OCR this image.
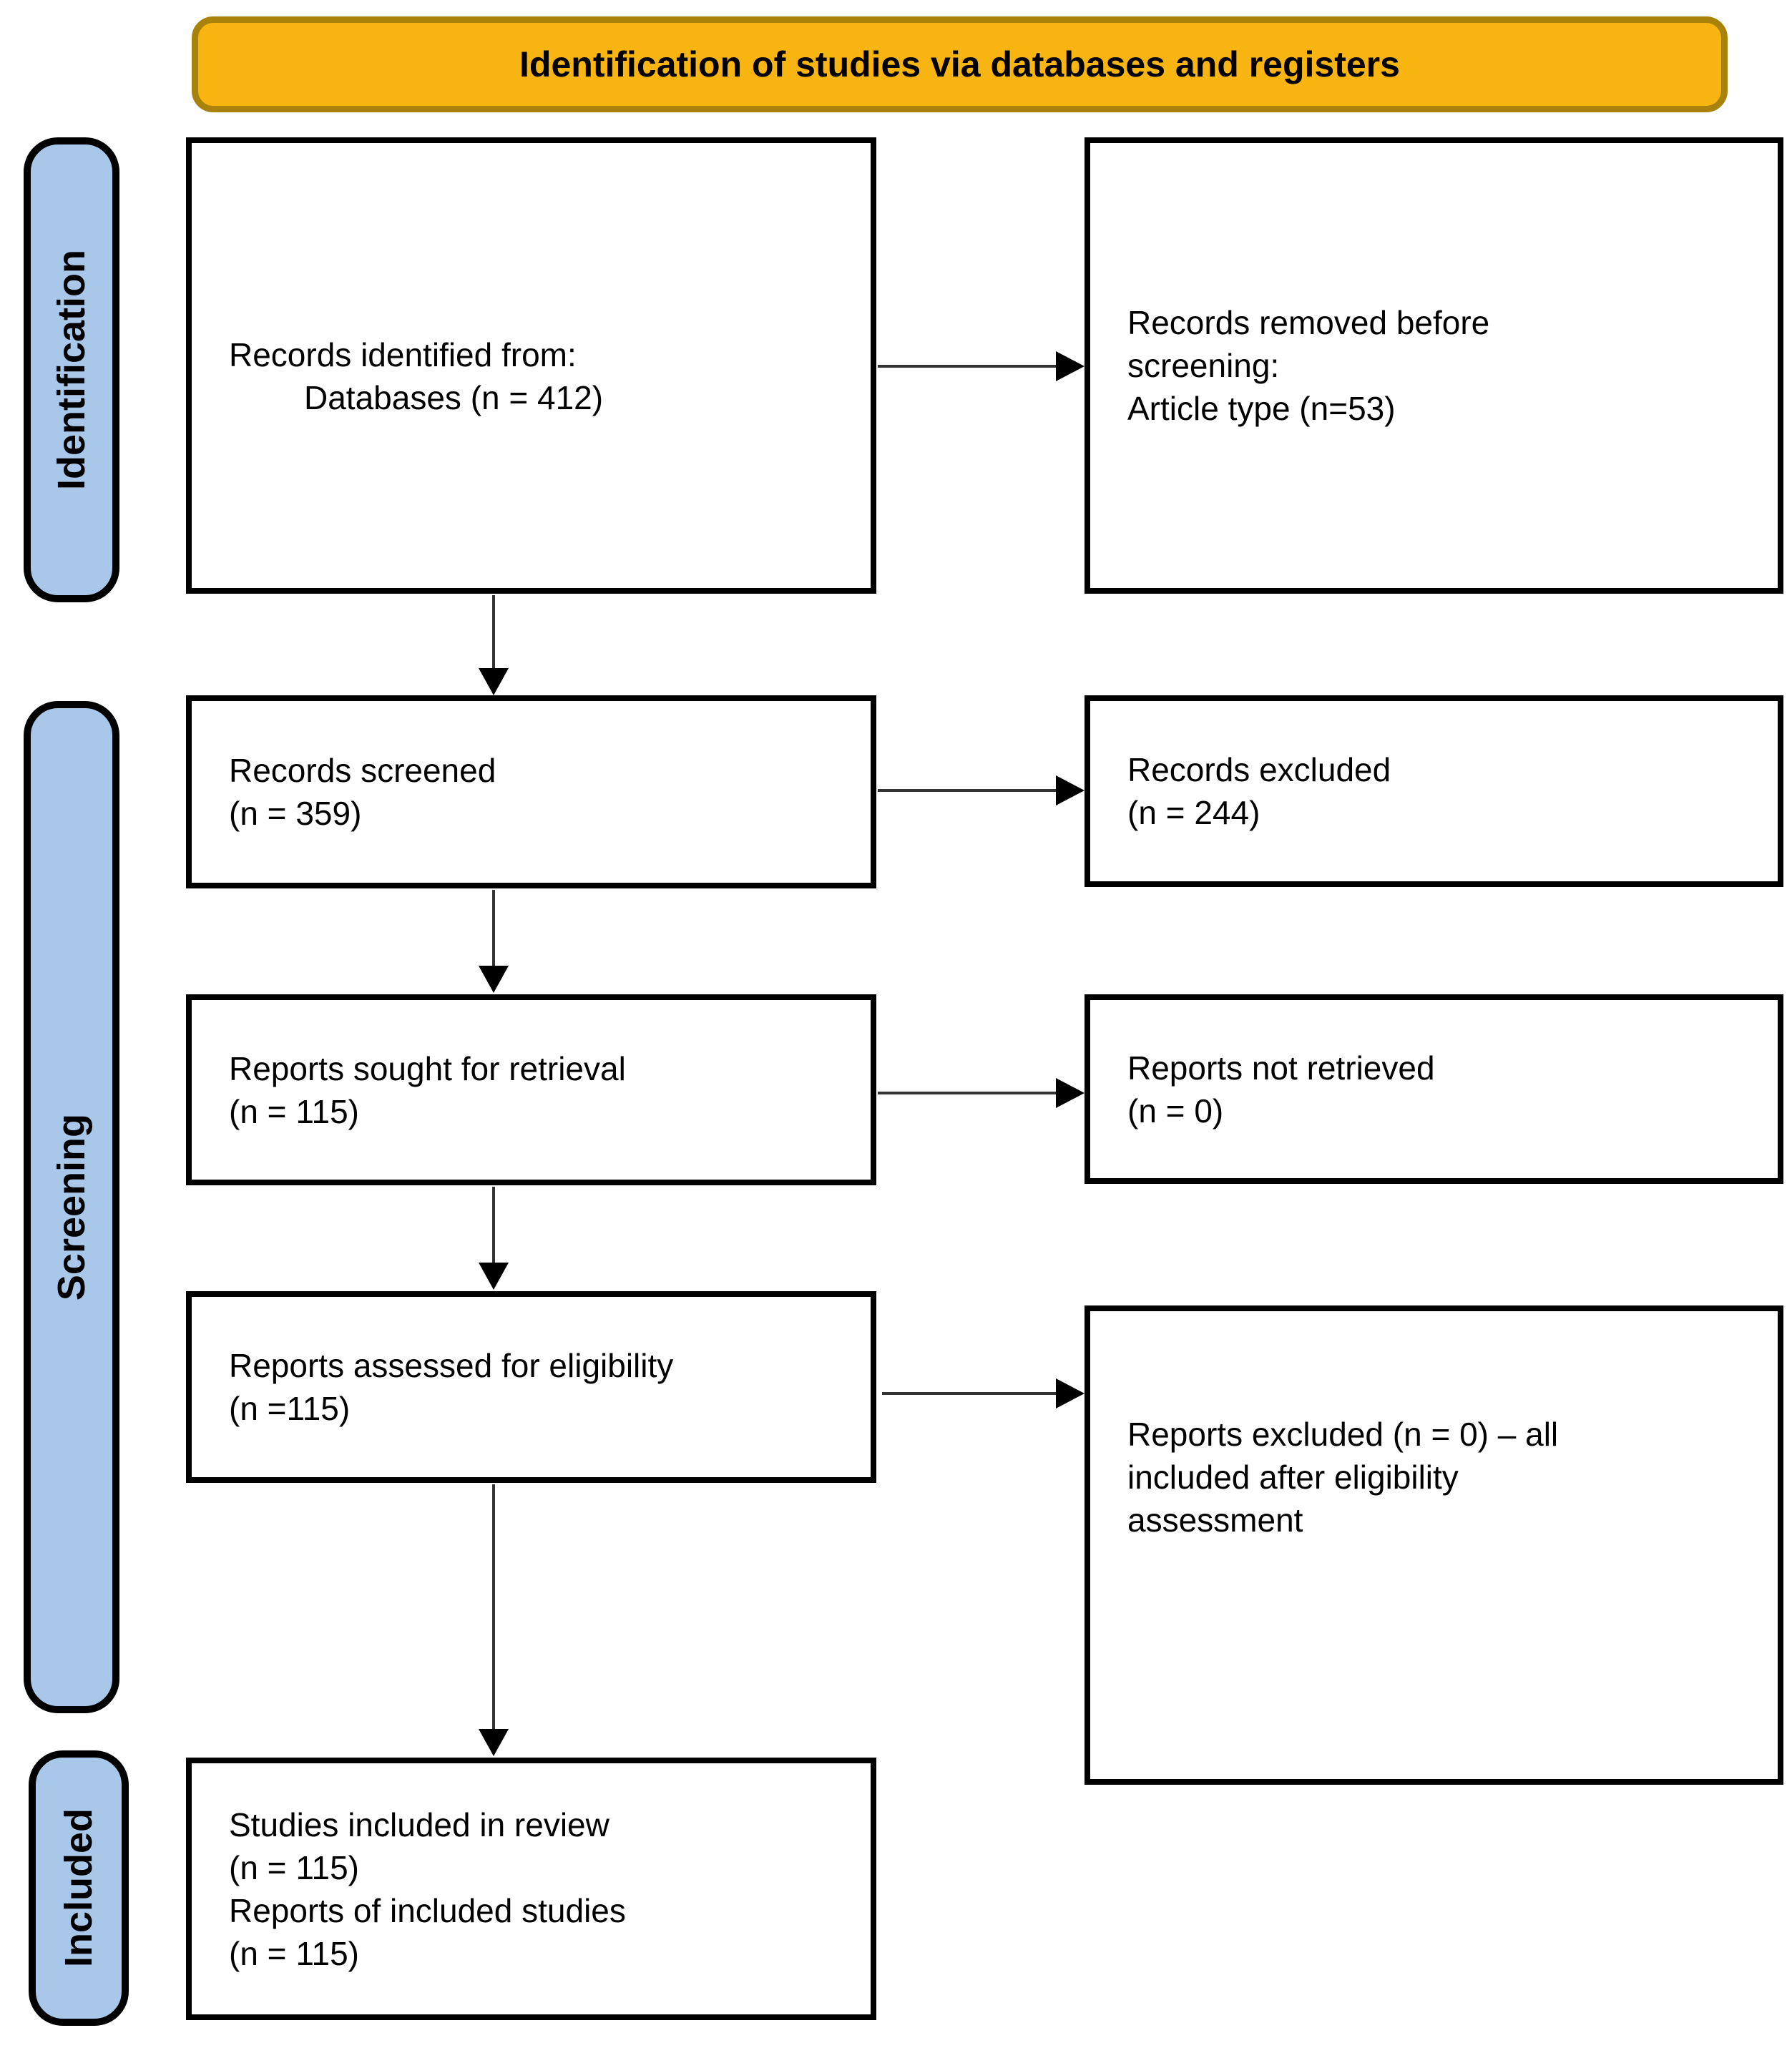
Identification of studies via databases and registers
Identification
Screening
Included
Records identified from:
Databases (n = 412)
Records screened
(n = 359)
Reports sought for retrieval
(n = 115)
Reports assessed for eligibility
(n =115)
Studies included in review
(n = 115)
Reports of included studies
(n = 115)
Records removed before
screening:
Article type (n=53)
Records excluded
(n = 244)
Reports not retrieved
(n = 0)
Reports excluded (n = 0) – all
included after eligibility
assessment
